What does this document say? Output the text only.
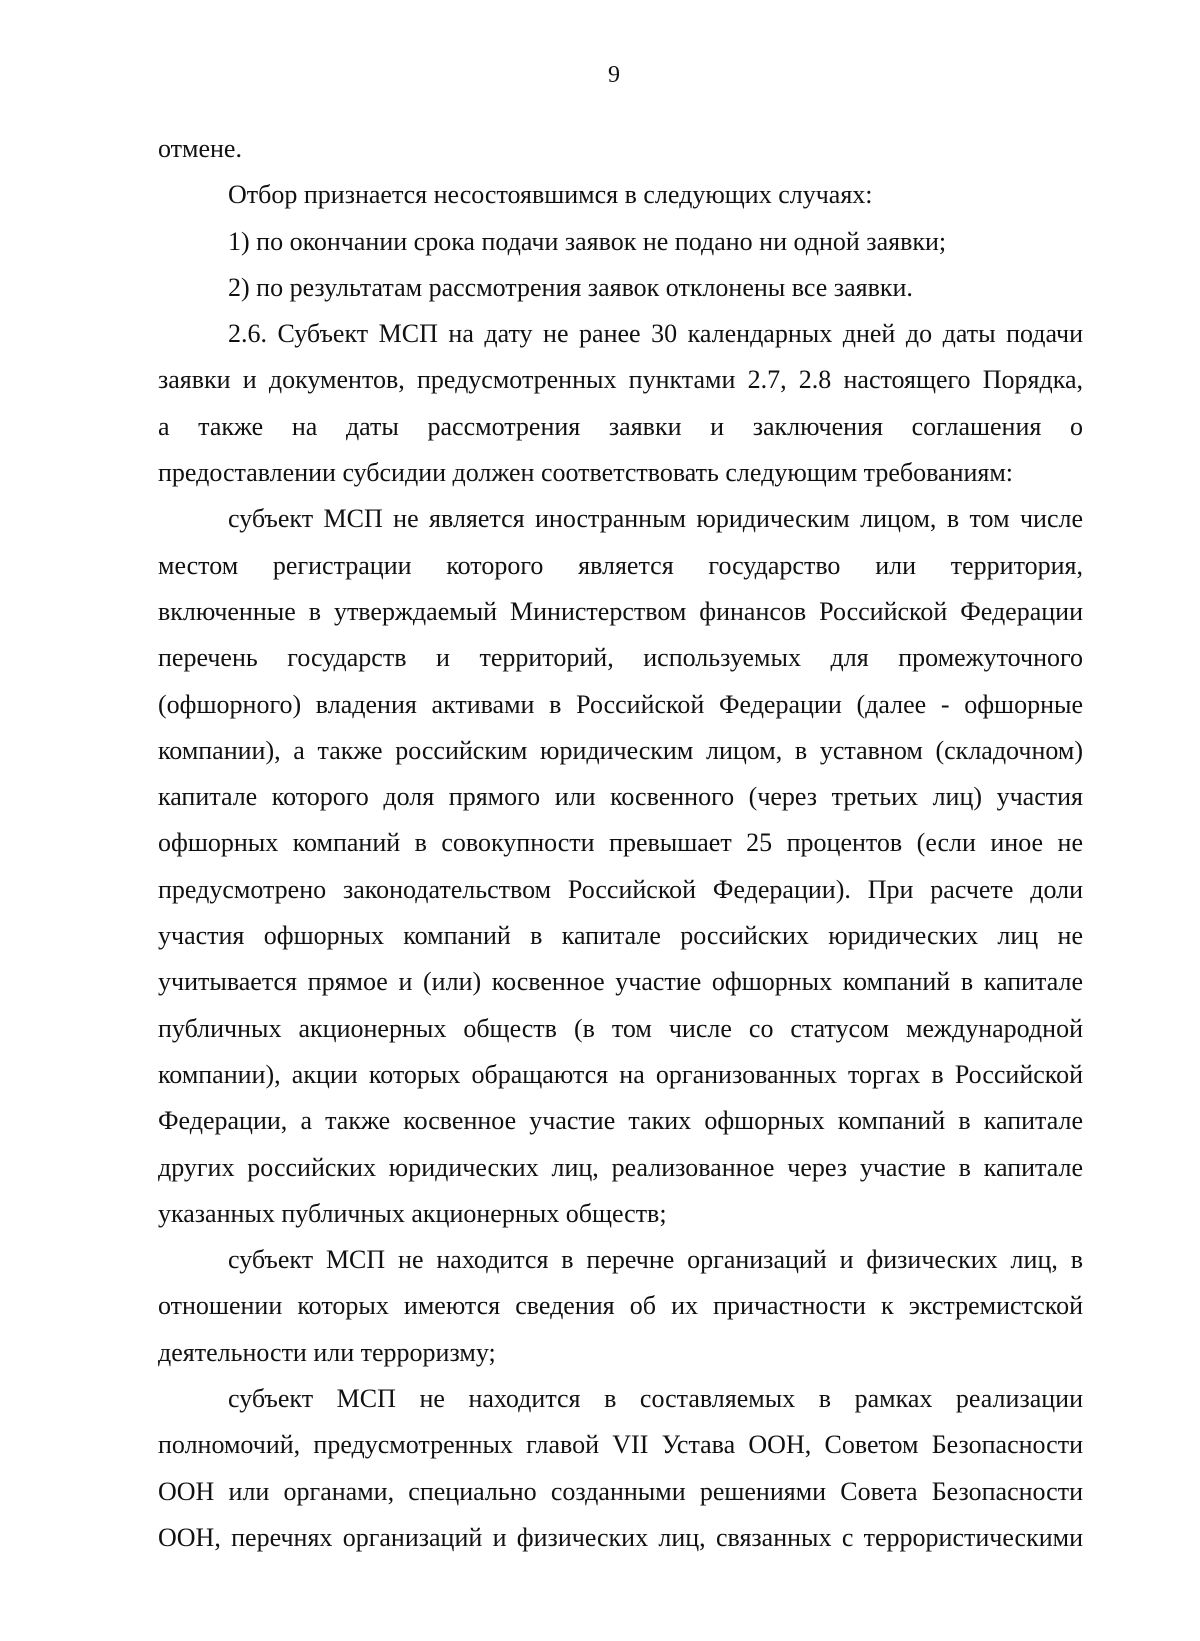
9
отмене.
Отбор признается несостоявшимся в следующих случаях:
1) по окончании срока подачи заявок не подано ни одной заявки;
2) по результатам рассмотрения заявок отклонены все заявки.
2.6. Субъект МСП на дату не ранее 30 календарных дней до даты подачи
заявки и документов, предусмотренных пунктами 2.7, 2.8 настоящего Порядка,
а также на даты рассмотрения заявки и заключения соглашения о
предоставлении субсидии должен соответствовать следующим требованиям:
субъект МСП не является иностранным юридическим лицом, в том числе
местом регистрации которого является государство или территория,
включенные в утверждаемый Министерством финансов Российской Федерации
перечень государств и территорий, используемых для промежуточного
(офшорного) владения активами в Российской Федерации (далее - офшорные
компании), а также российским юридическим лицом, в уставном (складочном)
капитале которого доля прямого или косвенного (через третьих лиц) участия
офшорных компаний в совокупности превышает 25 процентов (если иное не
предусмотрено законодательством Российской Федерации). При расчете доли
участия офшорных компаний в капитале российских юридических лиц не
учитывается прямое и (или) косвенное участие офшорных компаний в капитале
публичных акционерных обществ (в том числе со статусом международной
компании), акции которых обращаются на организованных торгах в Российской
Федерации, а также косвенное участие таких офшорных компаний в капитале
других российских юридических лиц, реализованное через участие в капитале
указанных публичных акционерных обществ;
субъект МСП не находится в перечне организаций и физических лиц, в
отношении которых имеются сведения об их причастности к экстремистской
деятельности или терроризму;
субъект МСП не находится в составляемых в рамках реализации
полномочий, предусмотренных главой VII Устава ООН, Советом Безопасности
ООН или органами, специально созданными решениями Совета Безопасности
ООН, перечнях организаций и физических лиц, связанных с террористическими
